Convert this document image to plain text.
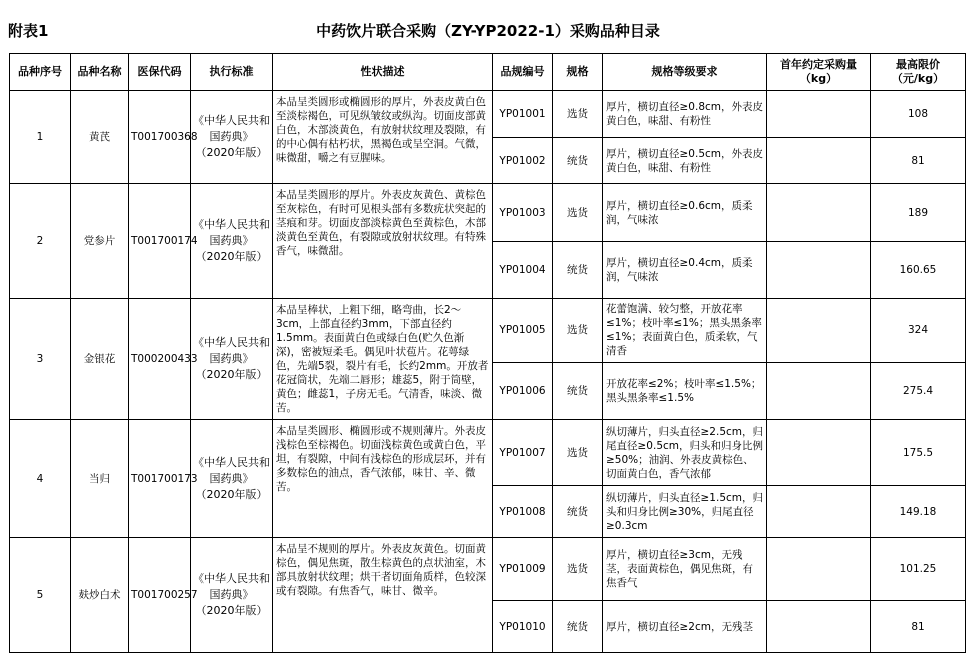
附表1	中药饮片联合采购（ZY-YP2022-1）采购品种目录
品种序号	品种名称	医保代码	执行标准	性状描述	品规编号	规格	规格等级要求	首年约定采购量（kg）	最高限价（元/kg）
1	黄芪	T001700368	《中华人民共和国药典》（2020年版）	本品呈类圆形或椭圆形的厚片，外表皮黄白色至淡棕褐色，可见纵皱纹或纵沟。切面皮部黄白色，木部淡黄色，有放射状纹理及裂隙，有的中心偶有枯朽状，黑褐色或呈空洞。气微，味微甜，嚼之有豆腥味。	YP01001	选货	厚片，横切直径≥0.8cm，外表皮黄白色，味甜、有粉性		108
					YP01002	统货	厚片，横切直径≥0.5cm，外表皮黄白色，味甜、有粉性		81
2	党参片	T001700174	《中华人民共和国药典》（2020年版）	本品呈类圆形的厚片。外表皮灰黄色、黄棕色至灰棕色，有时可见根头部有多数疣状突起的茎痕和芽。切面皮部淡棕黄色至黄棕色，木部淡黄色至黄色，有裂隙或放射状纹理。有特殊香气，味微甜。	YP01003	选货	厚片，横切直径≥0.6cm，质柔润，气味浓		189
					YP01004	统货	厚片，横切直径≥0.4cm，质柔润，气味浓		160.65
3	金银花	T000200433	《中华人民共和国药典》（2020年版）	本品呈棒状，上粗下细，略弯曲，长2～3cm，上部直径约3mm，下部直径约1.5mm。表面黄白色或绿白色(贮久色渐深)，密被短柔毛。偶见叶状苞片。花萼绿色，先端5裂，裂片有毛，长约2mm。开放者花冠筒状，先端二唇形；雄蕊5，附于筒壁，黄色；雌蕊1，子房无毛。气清香，味淡、微苦。	YP01005	选货	花蕾饱满、较匀整，开放花率≤1%；枝叶率≤1%；黑头黑条率≤1%；表面黄白色，质柔软，气清香		324
					YP01006	统货	开放花率≤2%；枝叶率≤1.5%；黑头黑条率≤1.5%		275.4
4	当归	T001700173	《中华人民共和国药典》（2020年版）	本品呈类圆形、椭圆形或不规则薄片。外表皮浅棕色至棕褐色。切面浅棕黄色或黄白色，平坦，有裂隙，中间有浅棕色的形成层环，并有多数棕色的油点，香气浓郁，味甘、辛、微苦。	YP01007	选货	纵切薄片，归头直径≥2.5cm，归尾直径≥0.5cm，归头和归身比例≥50%；油润、外表皮黄棕色、切面黄白色，香气浓郁		175.5
					YP01008	统货	纵切薄片，归头直径≥1.5cm，归头和归身比例≥30%，归尾直径≥0.3cm		149.18
5	麸炒白术	T001700257	《中华人民共和国药典》（2020年版）	本品呈不规则的厚片。外表皮灰黄色。切面黄棕色，偶见焦斑，散生棕黄色的点状油室，木部具放射状纹理；烘干者切面角质样，色较深或有裂隙。有焦香气，味甘、微辛。	YP01009	选货	厚片，横切直径≥3cm，无残茎，表面黄棕色，偶见焦斑，有焦香气		101.25
					YP01010	统货	厚片，横切直径≥2cm，无残茎		81
